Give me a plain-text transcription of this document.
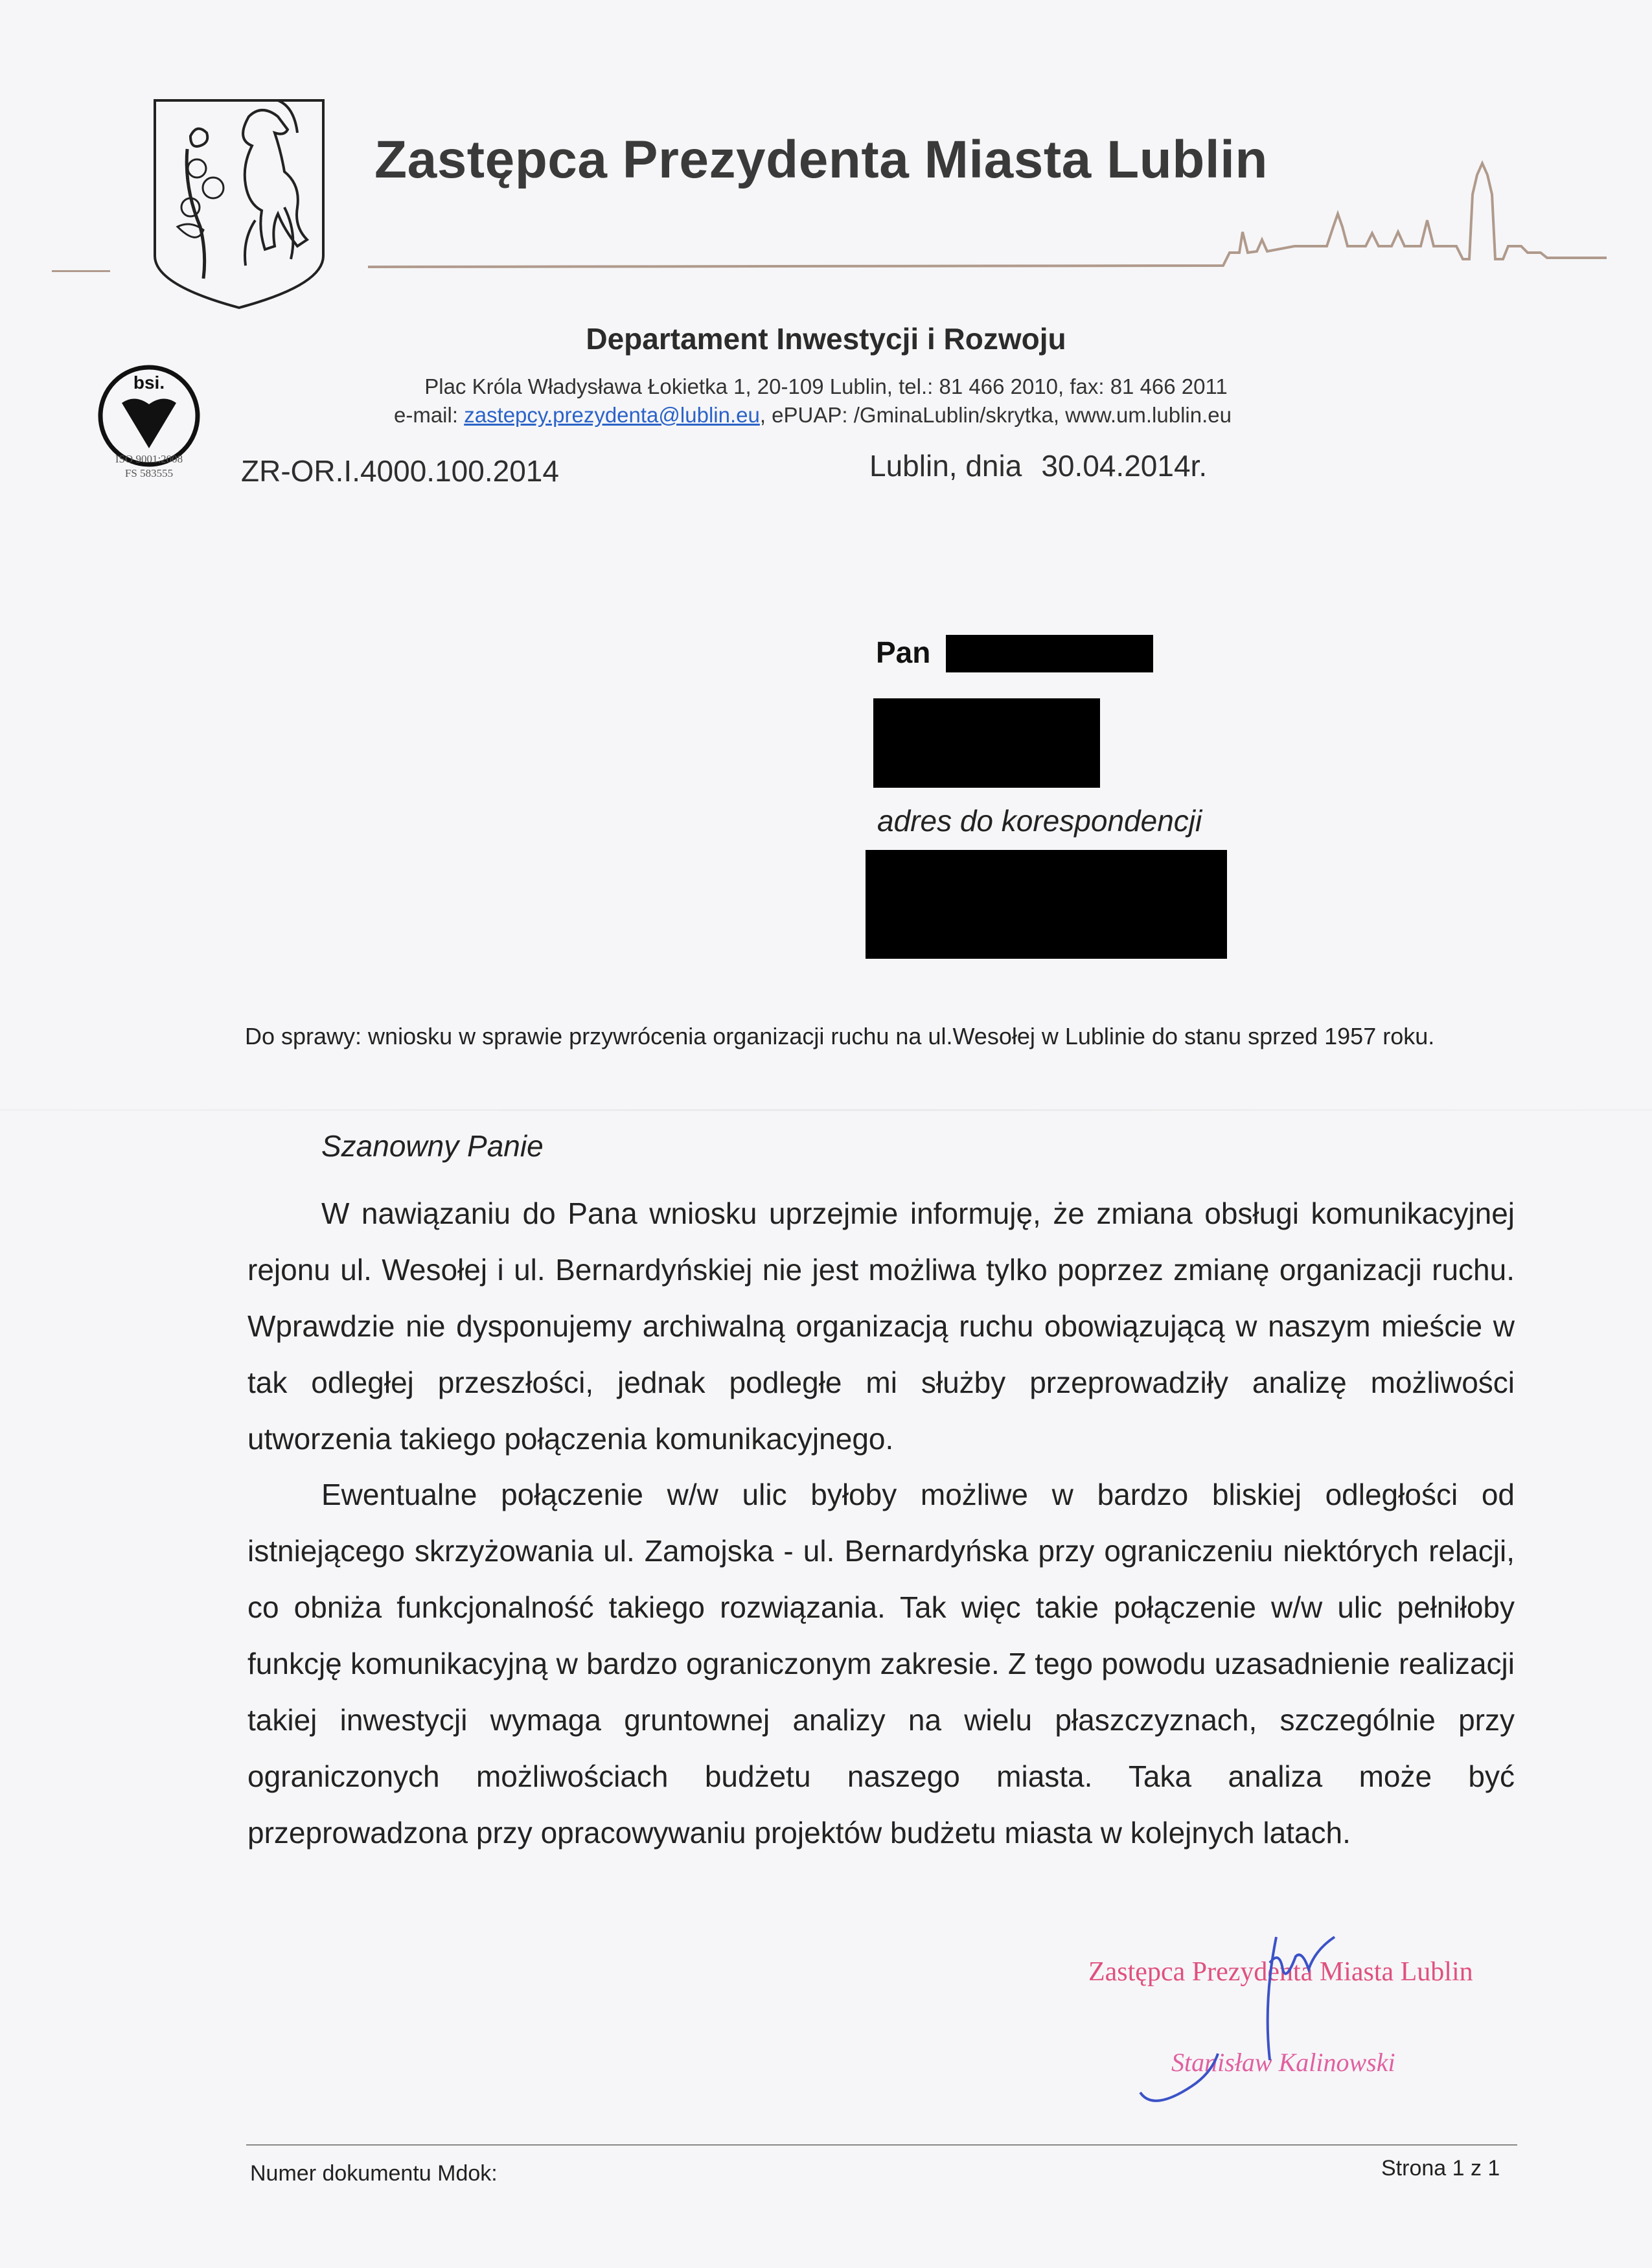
Zastępca Prezydenta Miasta Lublin
bsi.
ISO 9001:2008
FS 583555
Departament Inwestycji i Rozwoju
Plac Króla Władysława Łokietka 1, 20-109 Lublin, tel.: 81 466 2010, fax: 81 466 2011
e-mail: zastepcy.prezydenta@lublin.eu, ePUAP: /GminaLublin/skrytka, www.um.lublin.eu
ZR-OR.I.4000.100.2014	Lublin, dnia 30.04.2014r.
Pan
adres do korespondencji
Do sprawy: wniosku w sprawie przywrócenia organizacji ruchu na ul.Wesołej w Lublinie do stanu sprzed 1957 roku.
Szanowny Panie
W nawiązaniu do Pana wniosku uprzejmie informuję, że zmiana obsługi komunikacyjnej rejonu ul. Wesołej i ul. Bernardyńskiej nie jest możliwa tylko poprzez zmianę organizacji ruchu. Wprawdzie nie dysponujemy archiwalną organizacją ruchu obowiązującą w naszym mieście w tak odległej przeszłości, jednak podległe mi służby przeprowadziły analizę możliwości utworzenia takiego połączenia komunikacyjnego.
Ewentualne połączenie w/w ulic byłoby możliwe w bardzo bliskiej odległości od istniejącego skrzyżowania ul. Zamojska - ul. Bernardyńska przy ograniczeniu niektórych relacji, co obniża funkcjonalność takiego rozwiązania. Tak więc takie połączenie w/w ulic pełniłoby funkcję komunikacyjną w bardzo ograniczonym zakresie. Z tego powodu uzasadnienie realizacji takiej inwestycji wymaga gruntownej analizy na wielu płaszczyznach, szczególnie przy ograniczonych możliwościach budżetu naszego miasta. Taka analiza może być przeprowadzona przy opracowywaniu projektów budżetu miasta w kolejnych latach.
Zastępca Prezydenta Miasta Lublin
Stanisław Kalinowski
Numer dokumentu Mdok:	Strona 1 z 1
